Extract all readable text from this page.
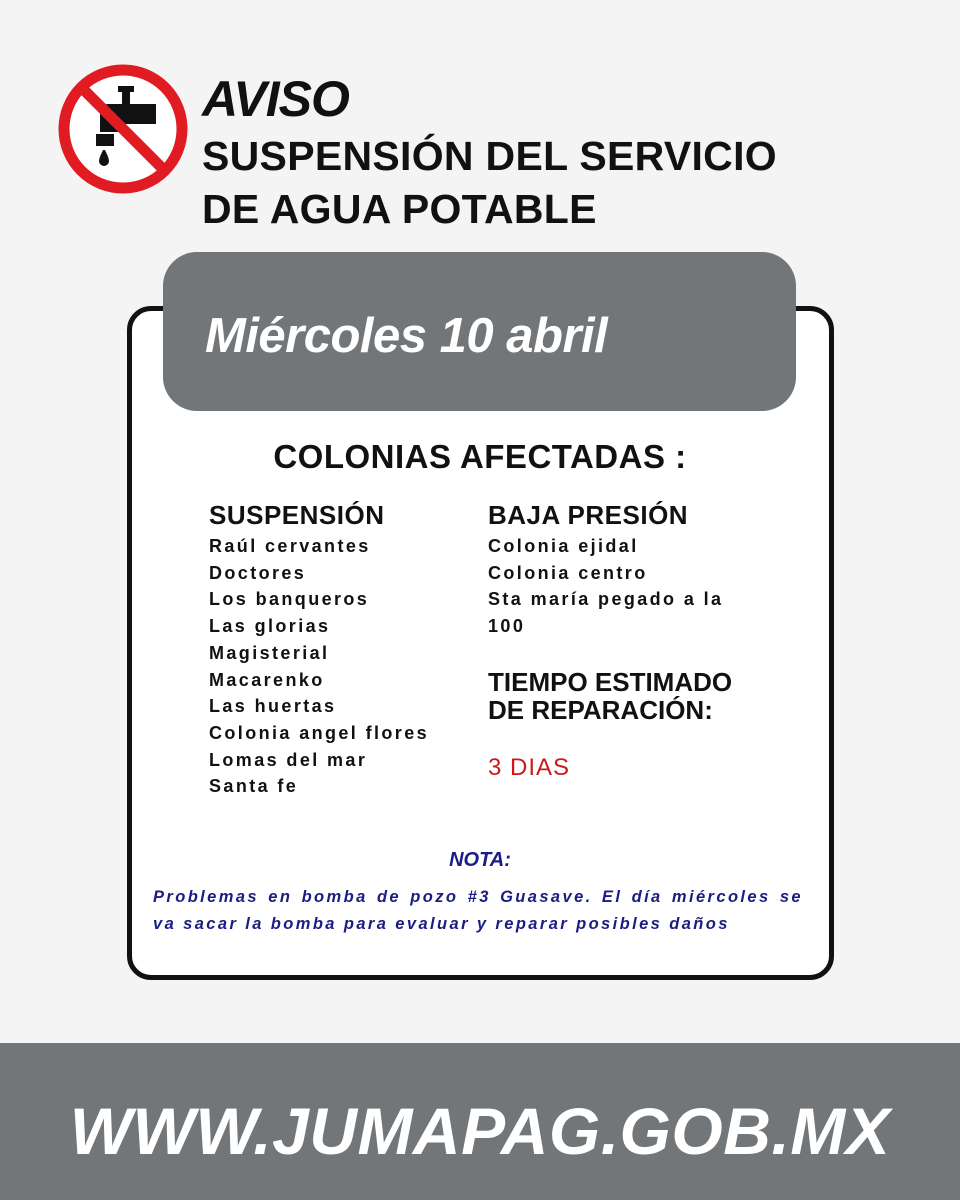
AVISO
SUSPENSIÓN DEL SERVICIO
DE AGUA POTABLE
Miércoles 10 abril
COLONIAS AFECTADAS :
SUSPENSIÓN
Raúl cervantes
Doctores
Los banqueros
Las glorias
Magisterial
Macarenko
Las huertas
Colonia angel flores
Lomas del mar
Santa fe
BAJA PRESIÓN
Colonia ejidal
Colonia centro
Sta maría pegado a la
100
TIEMPO ESTIMADO
DE REPARACIÓN:
3 DIAS
NOTA:
Problemas en bomba de pozo #3 Guasave. El día miércoles se va sacar la bomba para evaluar y reparar posibles daños
WWW.JUMAPAG.GOB.MX
